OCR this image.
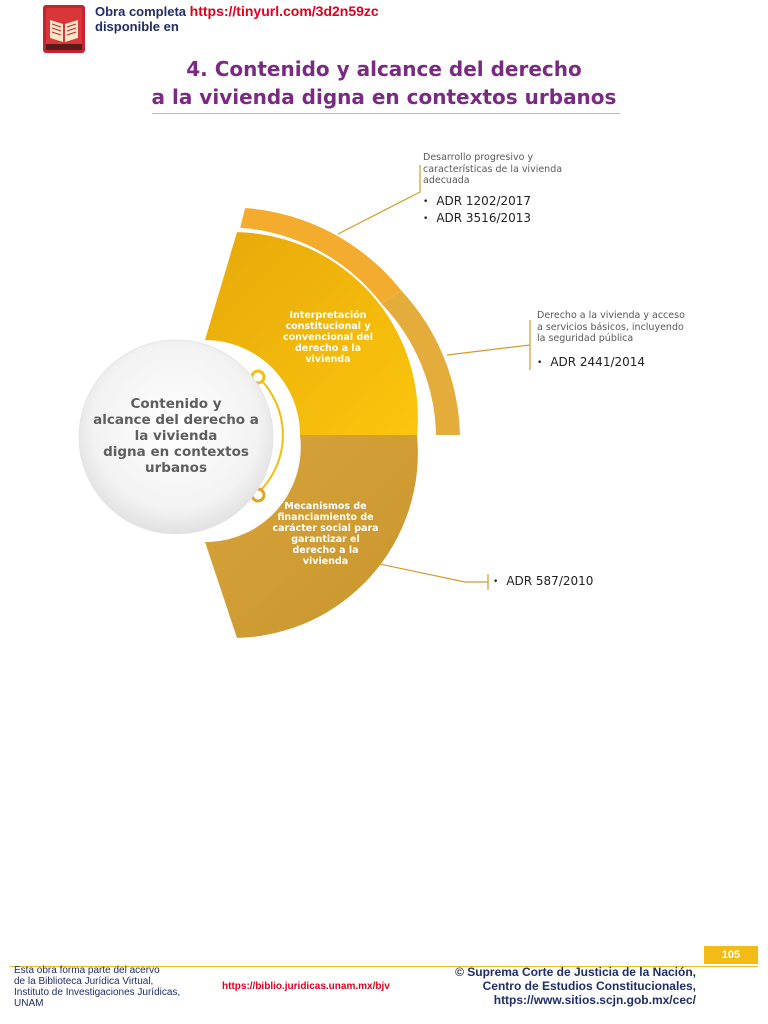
Obra completa https://tinyurl.com/3d2n59zc
disponible en
4. Contenido y alcance del derecho
a la vivienda digna en contextos urbanos
Interpretación
constitucional y
convencional del
derecho a la
vivienda
Mecanismos de
financiamiento de
carácter social para
garantizar el
derecho a la
vivienda
Contenido y
alcance del derecho a
la vivienda
digna en contextos
urbanos
Desarrollo progresivo y
características de la vivienda
adecuada
• ADR 1202/2017
• ADR 3516/2013
Derecho a la vivienda y acceso
a servicios básicos, incluyendo
la seguridad pública
• ADR 2441/2014
• ADR 587/2010
105
Esta obra forma parte del acervo
de la Biblioteca Jurídica Virtual,
Instituto de Investigaciones Jurídicas,
UNAM
https://biblio.juridicas.unam.mx/bjv
© Suprema Corte de Justicia de la Nación,
Centro de Estudios Constitucionales,
https://www.sitios.scjn.gob.mx/cec/
